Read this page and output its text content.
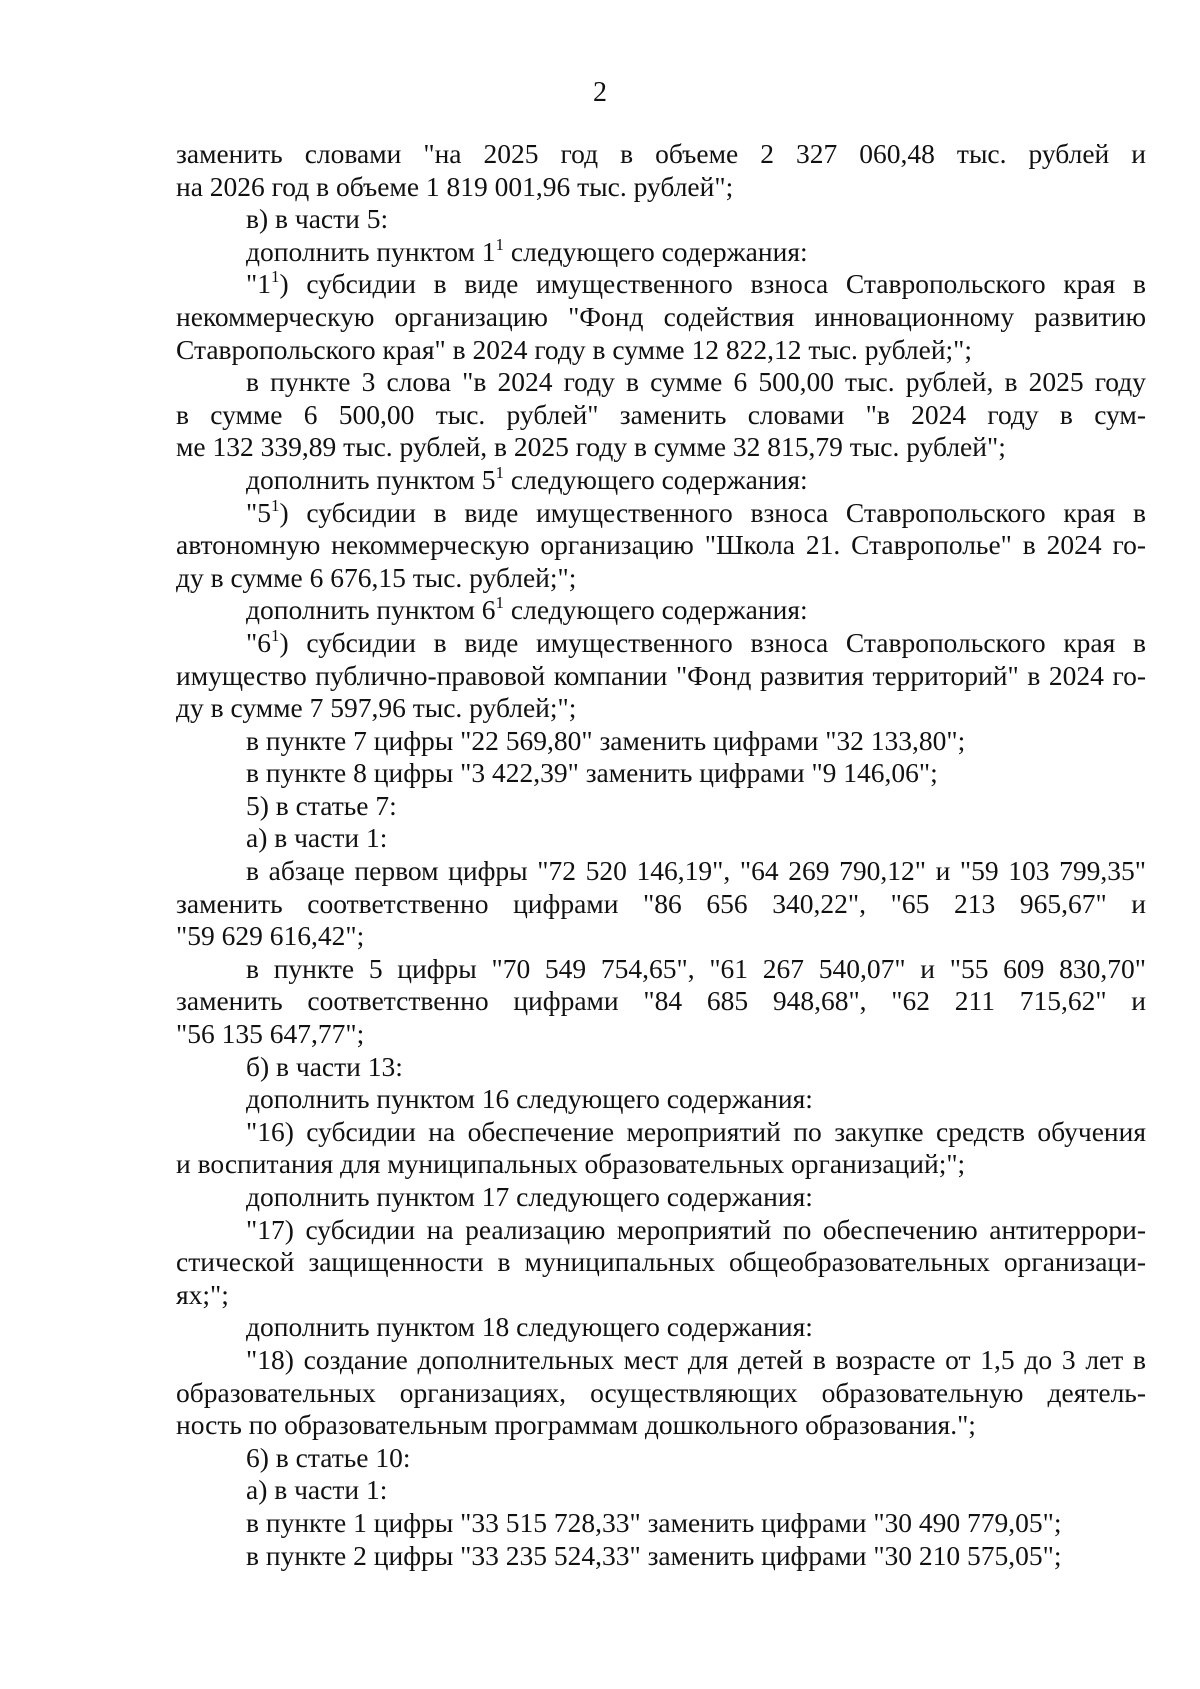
2
заменить словами "на 2025 год в объеме 2 327 060,48 тыс. рублей и
на 2026 год в объеме 1 819 001,96 тыс. рублей";
в) в части 5:
дополнить пунктом $1^1$ следующего содержания:
"$1^1$) субсидии в виде имущественного взноса Ставропольского края в
некоммерческую организацию "Фонд содействия инновационному развитию
Ставропольского края" в 2024 году в сумме 12 822,12 тыс. рублей;";
в пункте 3 слова "в 2024 году в сумме 6 500,00 тыс. рублей, в 2025 году
в сумме 6 500,00 тыс. рублей" заменить словами "в 2024 году в сум-
ме 132 339,89 тыс. рублей, в 2025 году в сумме 32 815,79 тыс. рублей";
дополнить пунктом $5^1$ следующего содержания:
"$5^1$) субсидии в виде имущественного взноса Ставропольского края в
автономную некоммерческую организацию "Школа 21. Ставрополье" в 2024 го-
ду в сумме 6 676,15 тыс. рублей;";
дополнить пунктом $6^1$ следующего содержания:
"$6^1$) субсидии в виде имущественного взноса Ставропольского края в
имущество публично-правовой компании "Фонд развития территорий" в 2024 го-
ду в сумме 7 597,96 тыс. рублей;";
в пункте 7 цифры "22 569,80" заменить цифрами "32 133,80";
в пункте 8 цифры "3 422,39" заменить цифрами "9 146,06";
5) в статье 7:
а) в части 1:
в абзаце первом цифры "72 520 146,19", "64 269 790,12" и "59 103 799,35"
заменить соответственно цифрами "86 656 340,22", "65 213 965,67" и
"59 629 616,42";
в пункте 5 цифры "70 549 754,65", "61 267 540,07" и "55 609 830,70"
заменить соответственно цифрами "84 685 948,68", "62 211 715,62" и
"56 135 647,77";
б) в части 13:
дополнить пунктом 16 следующего содержания:
"16) субсидии на обеспечение мероприятий по закупке средств обучения
и воспитания для муниципальных образовательных организаций;";
дополнить пунктом 17 следующего содержания:
"17) субсидии на реализацию мероприятий по обеспечению антитеррори-
стической защищенности в муниципальных общеобразовательных организаци-
ях;";
дополнить пунктом 18 следующего содержания:
"18) создание дополнительных мест для детей в возрасте от 1,5 до 3 лет в
образовательных организациях, осуществляющих образовательную деятель-
ность по образовательным программам дошкольного образования.";
6) в статье 10:
а) в части 1:
в пункте 1 цифры "33 515 728,33" заменить цифрами "30 490 779,05";
в пункте 2 цифры "33 235 524,33" заменить цифрами "30 210 575,05";
